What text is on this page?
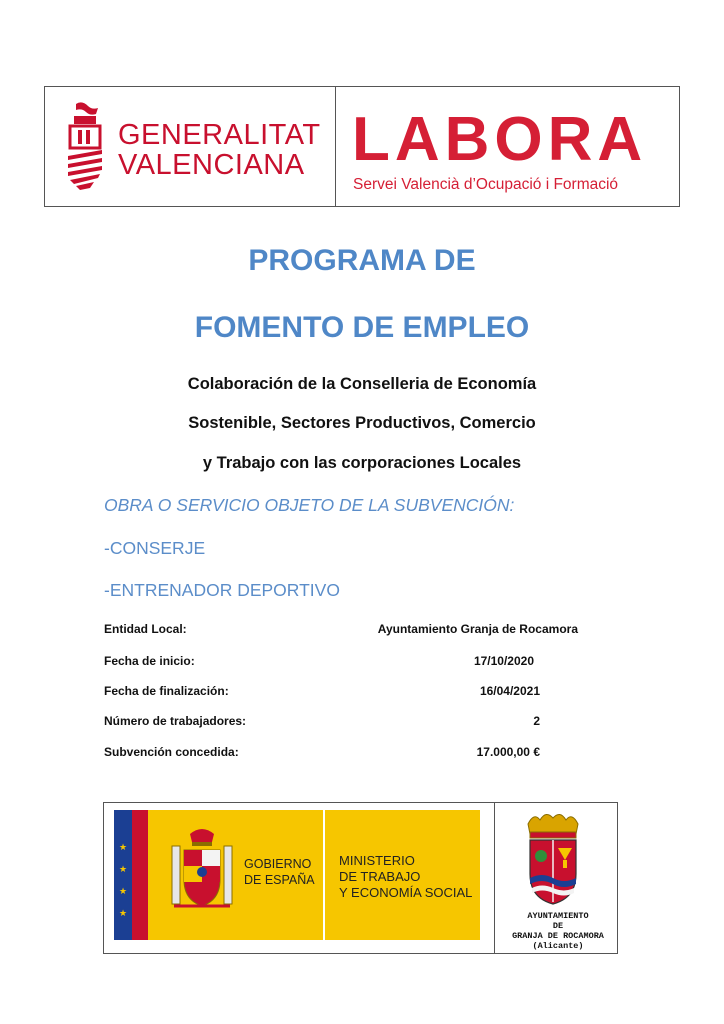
GENERALITAT
VALENCIANA LABORA
Servei Valencià d’Ocupació i Formació
PROGRAMA DE
FOMENTO DE EMPLEO
Colaboración de la Conselleria de Economía
Sostenible, Sectores Productivos, Comercio
y Trabajo con las corporaciones Locales
OBRA O SERVICIO OBJETO DE LA SUBVENCIÓN:
-CONSERJE
-ENTRENADOR DEPORTIVO
Entidad Local:	Ayuntamiento Granja de Rocamora
Fecha de inicio:	17/10/2020
Fecha de finalización:	16/04/2021
Número de trabajadores:	2
Subvención concedida:	17.000,00 €
★
★
★
★
GOBIERNO
DE ESPAÑA
MINISTERIO
DE TRABAJO
Y ECONOMÍA SOCIAL
AYUNTAMIENTO
DE
GRANJA DE ROCAMORA
(Alicante)
